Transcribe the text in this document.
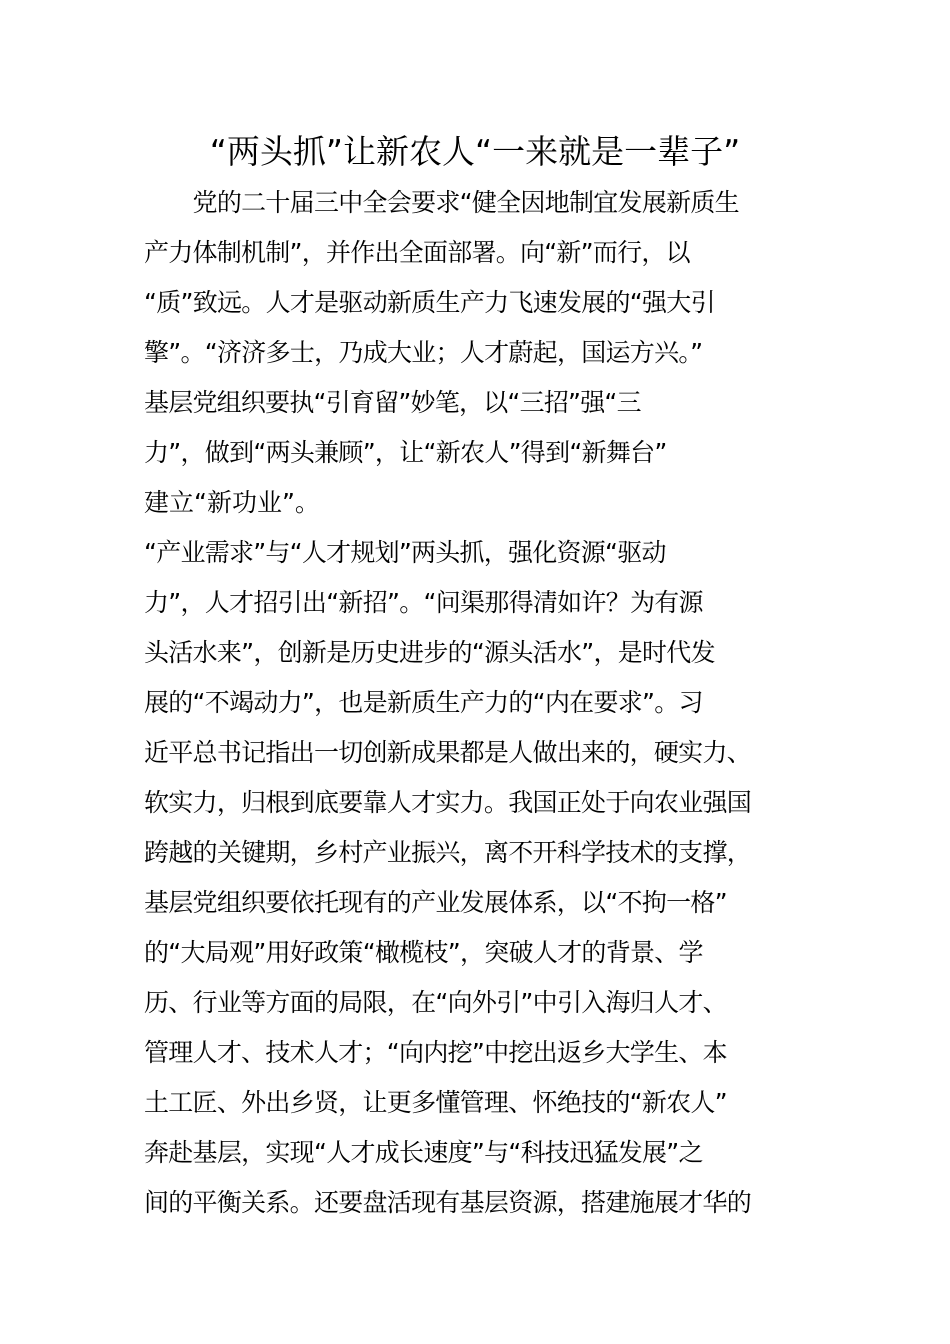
“两头抓”让新农人“一来就是一辈子”
　　党的二十届三中全会要求“健全因地制宜发展新质生
产力体制机制”，并作出全面部署。向“新”而行，以
“质”致远。人才是驱动新质生产力飞速发展的“强大引
擎”。“济济多士，乃成大业；人才蔚起，国运方兴。”
基层党组织要执“引育留”妙笔，以“三招”强“三
力”，做到“两头兼顾”，让“新农人”得到“新舞台”
建立“新功业”。
“产业需求”与“人才规划”两头抓，强化资源“驱动
力”，人才招引出“新招”。“问渠那得清如许？为有源
头活水来”，创新是历史进步的“源头活水”，是时代发
展的“不竭动力”，也是新质生产力的“内在要求”。习
近平总书记指出一切创新成果都是人做出来的，硬实力、
软实力，归根到底要靠人才实力。我国正处于向农业强国
跨越的关键期，乡村产业振兴，离不开科学技术的支撑，
基层党组织要依托现有的产业发展体系，以“不拘一格”
的“大局观”用好政策“橄榄枝”，突破人才的背景、学
历、行业等方面的局限，在“向外引”中引入海归人才、
管理人才、技术人才；“向内挖”中挖出返乡大学生、本
土工匠、外出乡贤，让更多懂管理、怀绝技的“新农人”
奔赴基层，实现“人才成长速度”与“科技迅猛发展”之
间的平衡关系。还要盘活现有基层资源，搭建施展才华的
